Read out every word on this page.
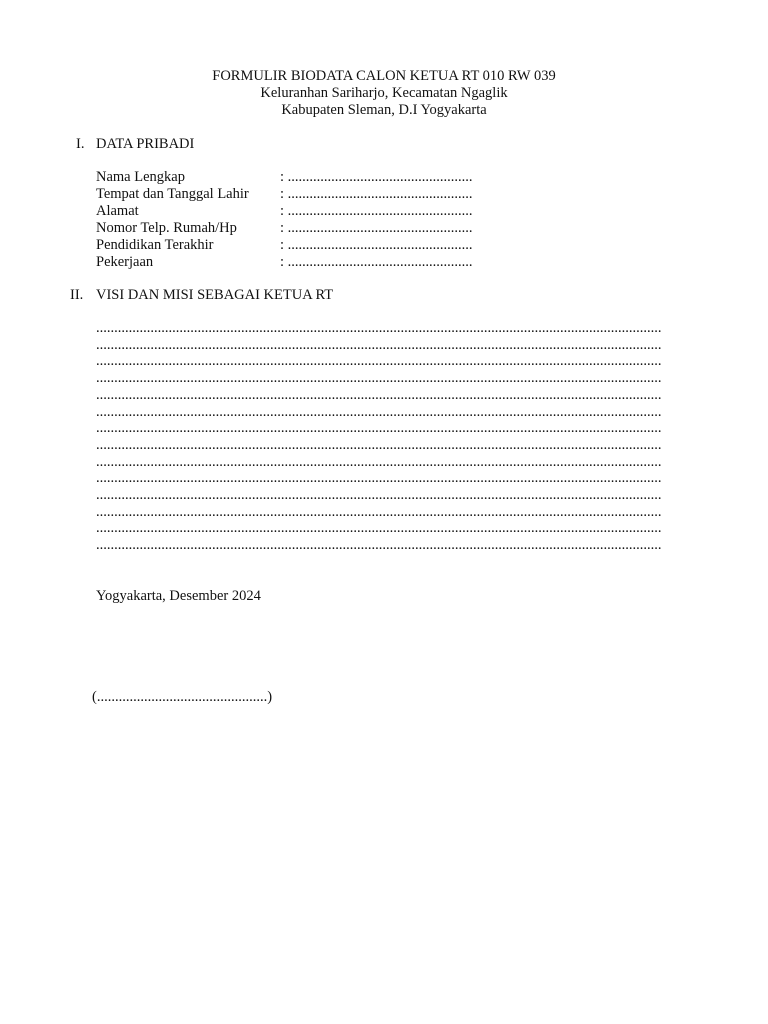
FORMULIR BIODATA CALON KETUA RT 010 RW 039
Keluranhan Sariharjo, Kecamatan Ngaglik
Kabupaten Sleman, D.I Yogyakarta
I. DATA PRIBADI
Nama Lengkap	: ...................................................
Tempat dan Tanggal Lahir	: ...................................................
Alamat	: ...................................................
Nomor Telp. Rumah/Hp	: ...................................................
Pendidikan Terakhir	: ...................................................
Pekerjaan	: ...................................................
II. VISI DAN MISI SEBAGAI KETUA RT
............................................................................................................................................................
............................................................................................................................................................
............................................................................................................................................................
............................................................................................................................................................
............................................................................................................................................................
............................................................................................................................................................
............................................................................................................................................................
............................................................................................................................................................
............................................................................................................................................................
............................................................................................................................................................
............................................................................................................................................................
............................................................................................................................................................
............................................................................................................................................................
............................................................................................................................................................
Yogyakarta, Desember 2024
(...............................................)
